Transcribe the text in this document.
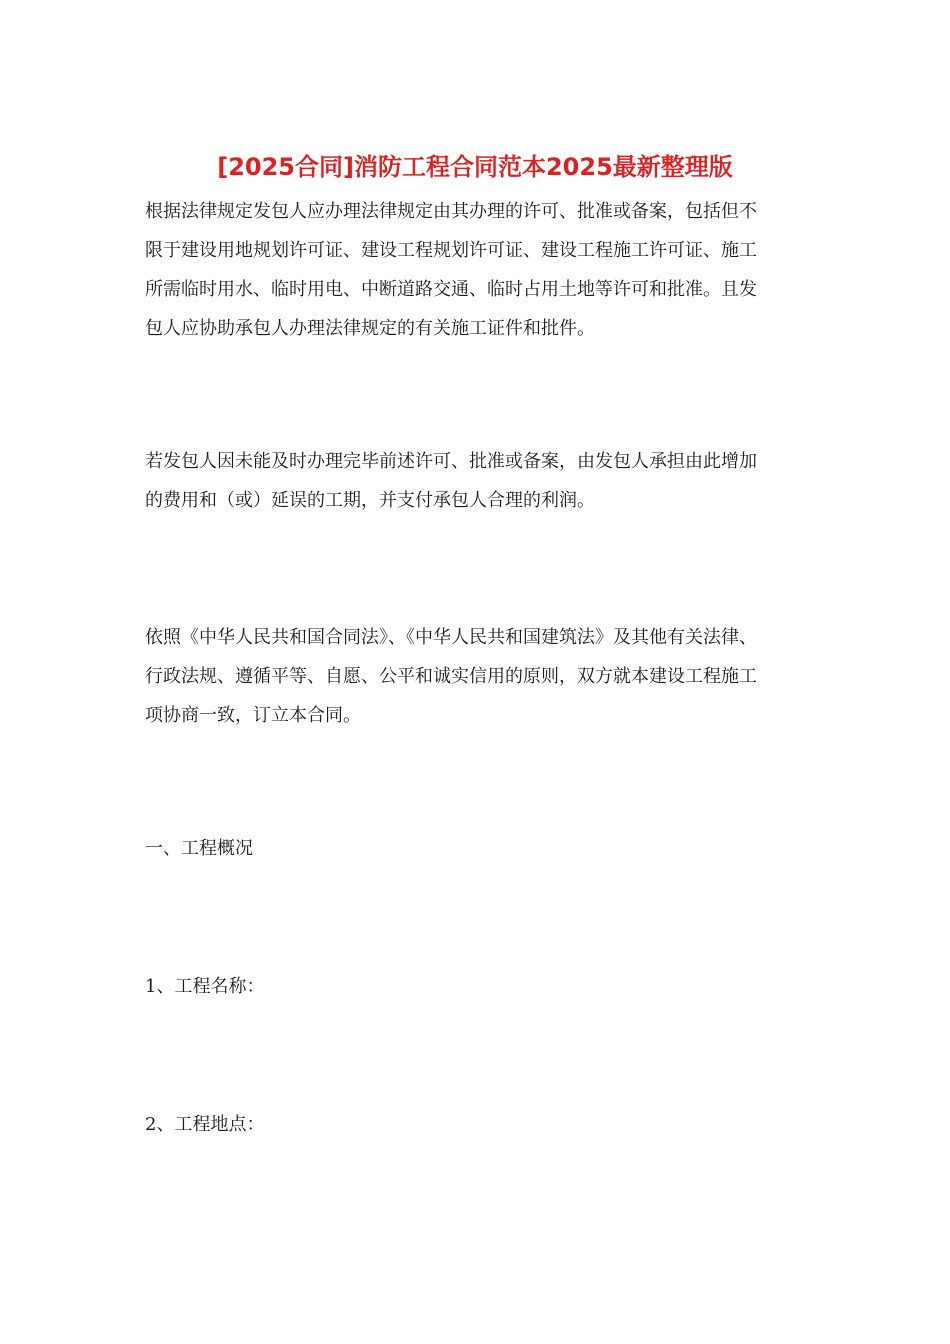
[2025合同]消防工程合同范本2025最新整理版
根据法律规定发包人应办理法律规定由其办理的许可、批准或备案，包括但不
限于建设用地规划许可证、建设工程规划许可证、建设工程施工许可证、施工
所需临时用水、临时用电、中断道路交通、临时占用土地等许可和批准。且发
包人应协助承包人办理法律规定的有关施工证件和批件。
若发包人因未能及时办理完毕前述许可、批准或备案，由发包人承担由此增加
的费用和（或）延误的工期，并支付承包人合理的利润。
依照《中华人民共和国合同法》、《中华人民共和国建筑法》及其他有关法律、
行政法规、遵循平等、自愿、公平和诚实信用的原则，双方就本建设工程施工
项协商一致，订立本合同。
一、工程概况
1、工程名称：
2、工程地点：
